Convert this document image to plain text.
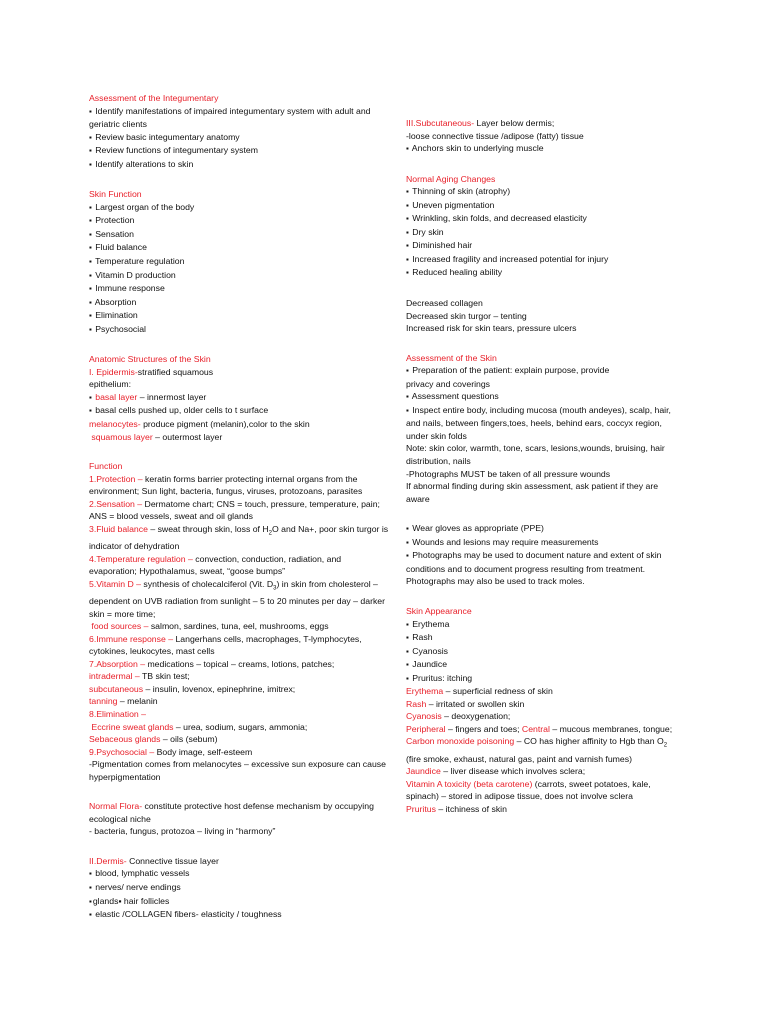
Assessment of the Integumentary
▪ Identify manifestations of impaired integumentary system with adult and geriatric clients
▪ Review basic integumentary anatomy
▪ Review functions of integumentary system
▪ Identify alterations to skin
Skin Function
▪ Largest organ of the body
▪ Protection
▪ Sensation
▪ Fluid balance
▪ Temperature regulation
▪ Vitamin D production
▪ Immune response
▪ Absorption
▪ Elimination
▪ Psychosocial
Anatomic Structures of the Skin
I. Epidermis-stratified squamous epithelium:
▪ basal layer – innermost layer
▪ basal cells pushed up, older cells to t surface
melanocytes- produce pigment (melanin),color to the skin
squamous layer – outermost layer
Function
1.Protection – keratin forms barrier protecting internal organs from the environment; Sun light, bacteria, fungus, viruses, protozoans, parasites
2.Sensation – Dermatome chart; CNS = touch, pressure, temperature, pain; ANS = blood vessels, sweat and oil glands
3.Fluid balance – sweat through skin, loss of $H_2O$ and Na+, poor skin turgor is indicator of dehydration
4.Temperature regulation – convection, conduction, radiation, and evaporation; Hypothalamus, sweat, “goose bumps”
5.Vitamin D – synthesis of cholecalciferol (Vit. $D_3$) in skin from cholesterol – dependent on UVB radiation from sunlight – 5 to 20 minutes per day – darker skin = more time;
food sources – salmon, sardines, tuna, eel, mushrooms, eggs
6.Immune response – Langerhans cells, macrophages, T-lymphocytes, cytokines, leukocytes, mast cells
7.Absorption – medications – topical – creams, lotions, patches;
intradermal – TB skin test;
subcutaneous – insulin, lovenox, epinephrine, imitrex;
tanning – melanin
8.Elimination –
Eccrine sweat glands – urea, sodium, sugars, ammonia;
Sebaceous glands – oils (sebum)
9.Psychosocial – Body image, self-esteem
-Pigmentation comes from melanocytes – excessive sun exposure can cause hyperpigmentation
Normal Flora- constitute protective host defense mechanism by occupying ecological niche
- bacteria, fungus, protozoa – living in “harmony”
II.Dermis- Connective tissue layer
▪ blood, lymphatic vessels
▪ nerves/ nerve endings
▪glands▪ hair follicles
▪ elastic /COLLAGEN fibers- elasticity / toughness
III.Subcutaneous- Layer below dermis;
-loose connective tissue /adipose (fatty) tissue
▪ Anchors skin to underlying muscle
Normal Aging Changes
▪ Thinning of skin (atrophy)
▪ Uneven pigmentation
▪ Wrinkling, skin folds, and decreased elasticity
▪ Dry skin
▪ Diminished hair
▪ Increased fragility and increased potential for injury
▪ Reduced healing ability
Decreased collagen
Decreased skin turgor – tenting
Increased risk for skin tears, pressure ulcers
Assessment of the Skin
▪ Preparation of the patient: explain purpose, provide privacy and coverings
▪ Assessment questions
▪ Inspect entire body, including mucosa (mouth andeyes), scalp, hair, and nails, between fingers,toes, heels, behind ears, coccyx region, under skin folds
Note: skin color, warmth, tone, scars, lesions,wounds, bruising, hair distribution, nails
-Photographs MUST be taken of all pressure wounds
If abnormal finding during skin assessment, ask patient if they are aware
▪ Wear gloves as appropriate (PPE)
▪ Wounds and lesions may require measurements
▪ Photographs may be used to document nature and extent of skin conditions and to document progress resulting from treatment. Photographs may also be used to track moles.
Skin Appearance
▪ Erythema
▪ Rash
▪ Cyanosis
▪ Jaundice
▪ Pruritus: itching
Erythema – superficial redness of skin
Rash – irritated or swollen skin
Cyanosis – deoxygenation;
Peripheral – fingers and toes; Central – mucous membranes, tongue;
Carbon monoxide poisoning – CO has higher affinity to Hgb than $O_2$ (fire smoke, exhaust, natural gas, paint and varnish fumes)
Jaundice – liver disease which involves sclera;
Vitamin A toxicity (beta carotene) (carrots, sweet potatoes, kale, spinach) – stored in adipose tissue, does not involve sclera
Pruritus – itchiness of skin
